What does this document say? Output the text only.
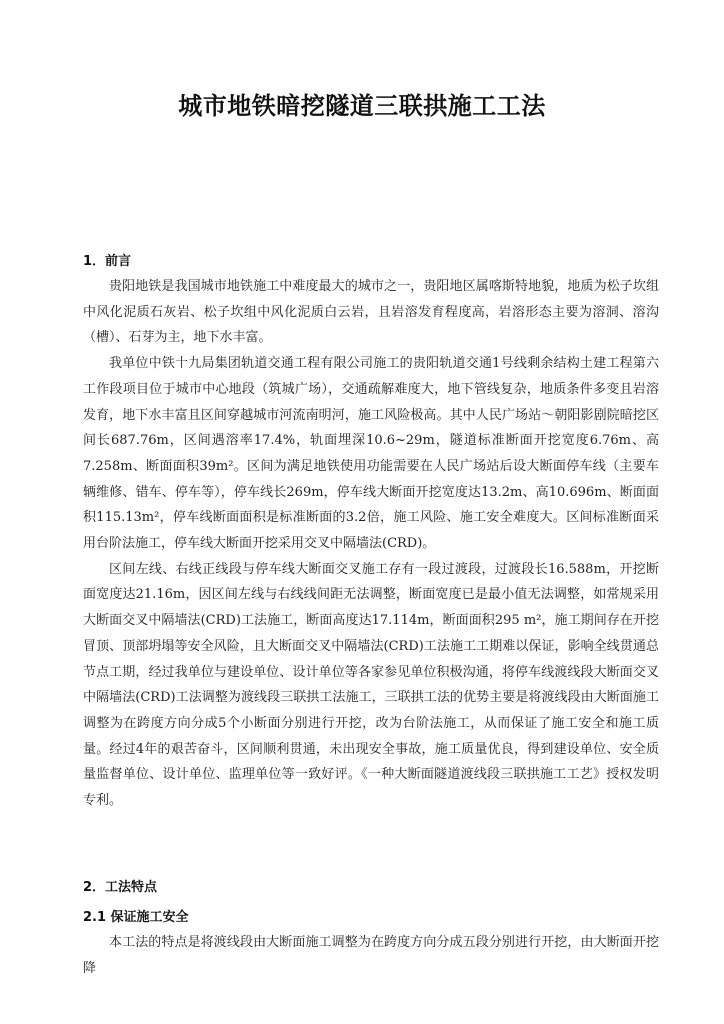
城市地铁暗挖隧道三联拱施工工法
1．前言

贵阳地铁是我国城市地铁施工中难度最大的城市之一，贵阳地区属喀斯特地貌，地质为松子坎组中风化泥质石灰岩、松子坎组中风化泥质白云岩，且岩溶发育程度高，岩溶形态主要为溶洞、溶沟（槽）、石芽为主，地下水丰富。

我单位中铁十九局集团轨道交通工程有限公司施工的贵阳轨道交通1号线剩余结构土建工程第六工作段项目位于城市中心地段（筑城广场），交通疏解难度大，地下管线复杂，地质条件多变且岩溶发育，地下水丰富且区间穿越城市河流南明河，施工风险极高。其中人民广场站～朝阳影剧院暗挖区间长687.76m，区间遇溶率17.4%，轨面埋深10.6~29m，隧道标准断面开挖宽度6.76m、高7.258m、断面面积39m²。区间为满足地铁使用功能需要在人民广场站后设大断面停车线（主要车辆维修、错车、停车等），停车线长269m，停车线大断面开挖宽度达13.2m、高10.696m、断面面积115.13m²，停车线断面面积是标准断面的3.2倍，施工风险、施工安全难度大。区间标准断面采用台阶法施工，停车线大断面开挖采用交叉中隔墙法(CRD)。

区间左线、右线正线段与停车线大断面交叉施工存有一段过渡段，过渡段长16.588m，开挖断面宽度达21.16m，因区间左线与右线线间距无法调整，断面宽度已是最小值无法调整，如常规采用大断面交叉中隔墙法(CRD)工法施工，断面高度达17.114m，断面面积295 m²，施工期间存在开挖冒顶、顶部坍塌等安全风险，且大断面交叉中隔墙法(CRD)工法施工工期难以保证，影响全线贯通总节点工期，经过我单位与建设单位、设计单位等各家参见单位积极沟通，将停车线渡线段大断面交叉中隔墙法(CRD)工法调整为渡线段三联拱工法施工，三联拱工法的优势主要是将渡线段由大断面施工调整为在跨度方向分成5个小断面分别进行开挖，改为台阶法施工，从而保证了施工安全和施工质量。经过4年的艰苦奋斗，区间顺利贯通，未出现安全事故，施工质量优良，得到建设单位、安全质量监督单位、设计单位、监理单位等一致好评。《一种大断面隧道渡线段三联拱施工工艺》授权发明专利。

2．工法特点
2.1 保证施工安全

本工法的特点是将渡线段由大断面施工调整为在跨度方向分成五段分别进行开挖，由大断面开挖降
